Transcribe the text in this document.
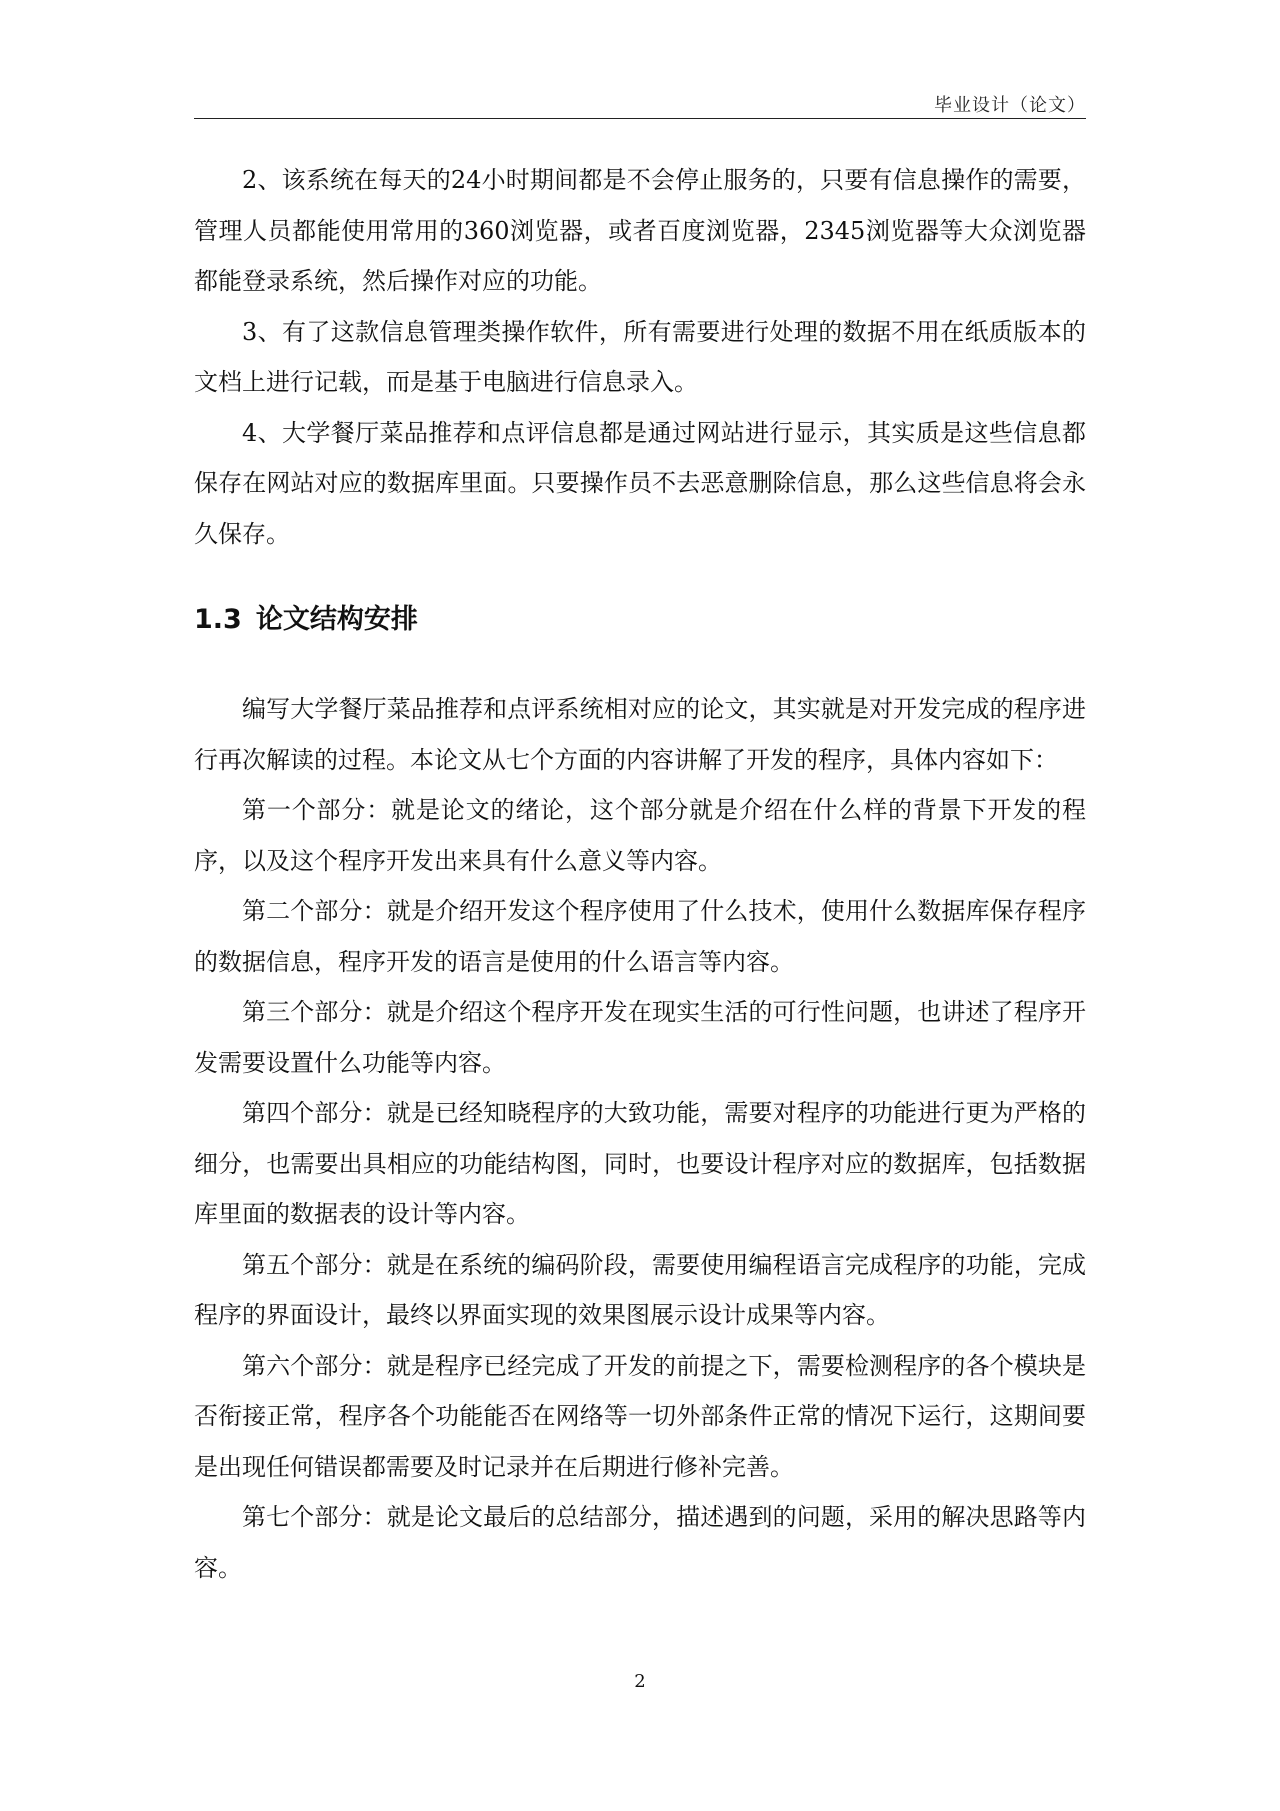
毕业设计（论文）

2、该系统在每天的24小时期间都是不会停止服务的，只要有信息操作的需要，管理人员都能使用常用的360浏览器，或者百度浏览器，2345浏览器等大众浏览器都能登录系统，然后操作对应的功能。

3、有了这款信息管理类操作软件，所有需要进行处理的数据不用在纸质版本的文档上进行记载，而是基于电脑进行信息录入。

4、大学餐厅菜品推荐和点评信息都是通过网站进行显示，其实质是这些信息都保存在网站对应的数据库里面。只要操作员不去恶意删除信息，那么这些信息将会永久保存。

1.3 论文结构安排

编写大学餐厅菜品推荐和点评系统相对应的论文，其实就是对开发完成的程序进行再次解读的过程。本论文从七个方面的内容讲解了开发的程序，具体内容如下：

第一个部分：就是论文的绪论，这个部分就是介绍在什么样的背景下开发的程序，以及这个程序开发出来具有什么意义等内容。

第二个部分：就是介绍开发这个程序使用了什么技术，使用什么数据库保存程序的数据信息，程序开发的语言是使用的什么语言等内容。

第三个部分：就是介绍这个程序开发在现实生活的可行性问题，也讲述了程序开发需要设置什么功能等内容。

第四个部分：就是已经知晓程序的大致功能，需要对程序的功能进行更为严格的细分，也需要出具相应的功能结构图，同时，也要设计程序对应的数据库，包括数据库里面的数据表的设计等内容。

第五个部分：就是在系统的编码阶段，需要使用编程语言完成程序的功能，完成程序的界面设计，最终以界面实现的效果图展示设计成果等内容。

第六个部分：就是程序已经完成了开发的前提之下，需要检测程序的各个模块是否衔接正常，程序各个功能能否在网络等一切外部条件正常的情况下运行，这期间要是出现任何错误都需要及时记录并在后期进行修补完善。

第七个部分：就是论文最后的总结部分，描述遇到的问题，采用的解决思路等内容。

2
